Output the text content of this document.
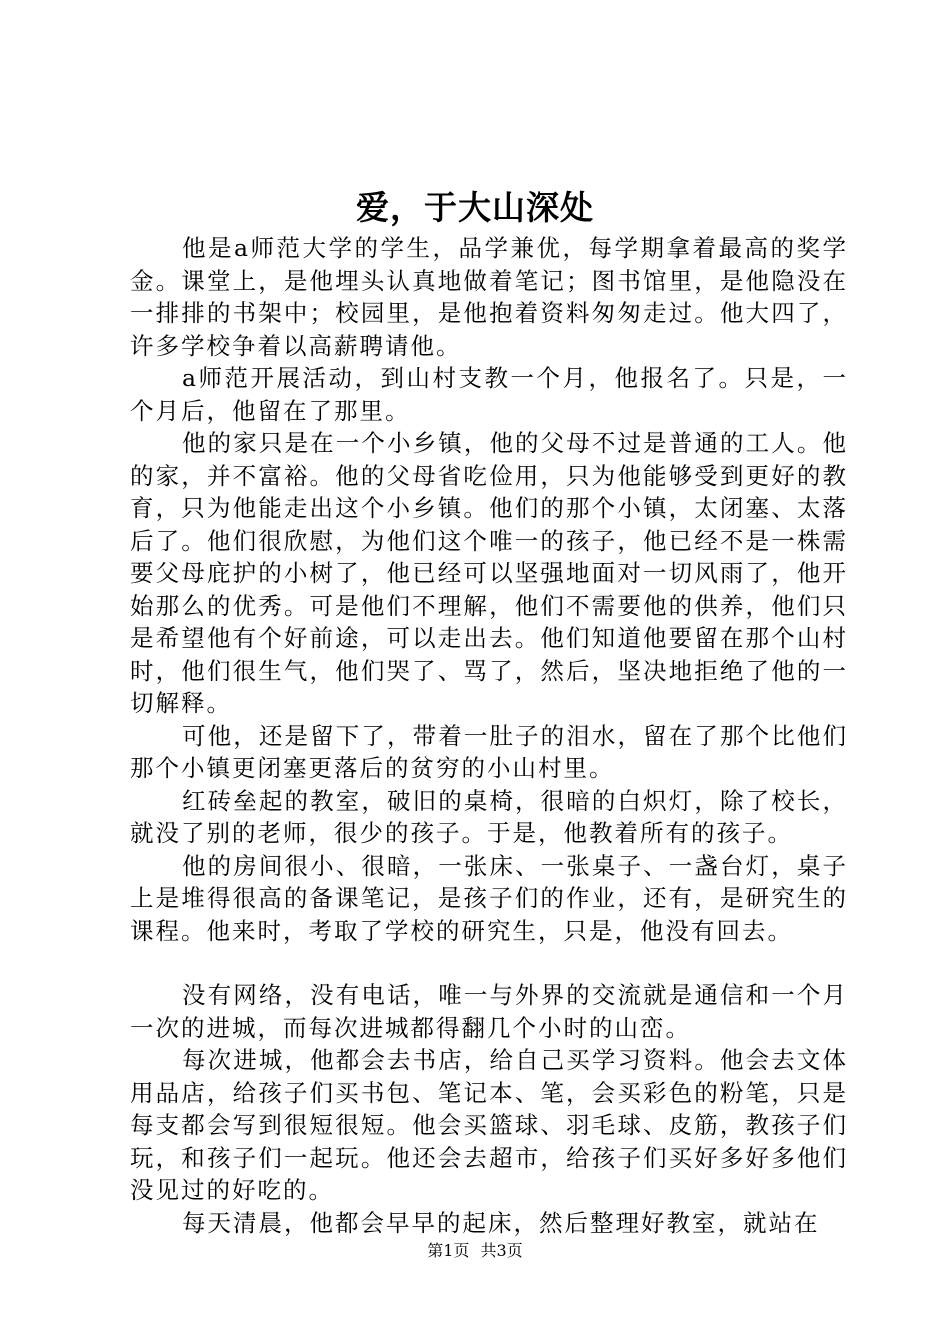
爱，于大山深处

他是a师范大学的学生，品学兼优，每学期拿着最高的奖学金。课堂上，是他埋头认真地做着笔记；图书馆里，是他隐没在一排排的书架中；校园里，是他抱着资料匆匆走过。他大四了，许多学校争着以高薪聘请他。

a师范开展活动，到山村支教一个月，他报名了。只是，一个月后，他留在了那里。

他的家只是在一个小乡镇，他的父母不过是普通的工人。他的家，并不富裕。他的父母省吃俭用，只为他能够受到更好的教育，只为他能走出这个小乡镇。他们的那个小镇，太闭塞、太落后了。他们很欣慰，为他们这个唯一的孩子，他已经不是一株需要父母庇护的小树了，他已经可以坚强地面对一切风雨了，他开始那么的优秀。可是他们不理解，他们不需要他的供养，他们只是希望他有个好前途，可以走出去。他们知道他要留在那个山村时，他们很生气，他们哭了、骂了，然后，坚决地拒绝了他的一切解释。

可他，还是留下了，带着一肚子的泪水，留在了那个比他们那个小镇更闭塞更落后的贫穷的小山村里。

红砖垒起的教室，破旧的桌椅，很暗的白炽灯，除了校长，就没了别的老师，很少的孩子。于是，他教着所有的孩子。

他的房间很小、很暗，一张床、一张桌子、一盏台灯，桌子上是堆得很高的备课笔记，是孩子们的作业，还有，是研究生的课程。他来时，考取了学校的研究生，只是，他没有回去。

没有网络，没有电话，唯一与外界的交流就是通信和一个月一次的进城，而每次进城都得翻几个小时的山峦。

每次进城，他都会去书店，给自己买学习资料。他会去文体用品店，给孩子们买书包、笔记本、笔，会买彩色的粉笔，只是每支都会写到很短很短。他会买篮球、羽毛球、皮筋，教孩子们玩，和孩子们一起玩。他还会去超市，给孩子们买好多好多他们没见过的好吃的。

每天清晨，他都会早早的起床，然后整理好教室，就站在

第1页 共3页
